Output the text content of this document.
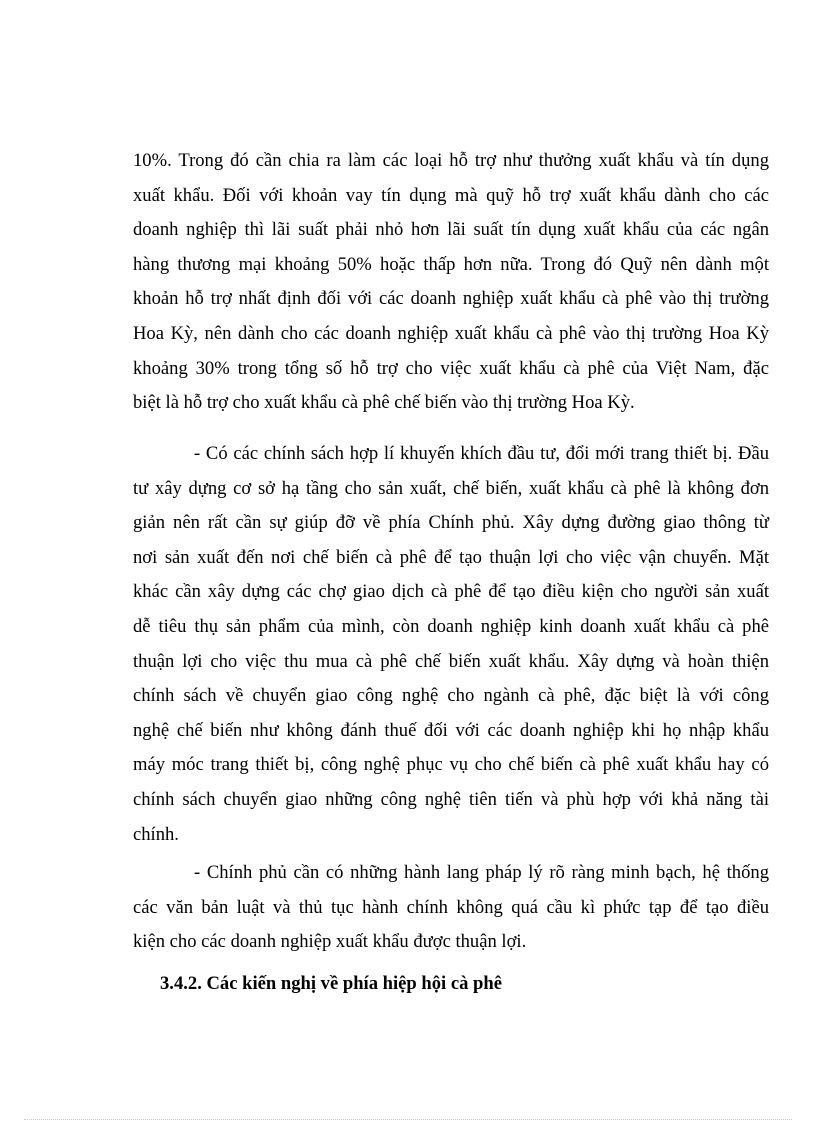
10%. Trong đó cần chia ra làm các loại hỗ trợ như thưởng xuất khẩu và tín dụng
xuất khẩu. Đối với khoản vay tín dụng mà quỹ hỗ trợ xuất khẩu dành cho các
doanh nghiệp thì lãi suất phải nhỏ hơn lãi suất tín dụng xuất khẩu của các ngân
hàng thương mại khoảng 50% hoặc thấp hơn nữa. Trong đó Quỹ nên dành một
khoản hỗ trợ nhất định đối với các doanh nghiệp xuất khẩu cà phê vào thị trường
Hoa Kỳ, nên dành cho các doanh nghiệp xuất khẩu cà phê vào thị trường Hoa Kỳ
khoảng 30% trong tổng số hỗ trợ cho việc xuất khẩu cà phê của Việt Nam, đặc
biệt là hỗ trợ cho xuất khẩu cà phê chế biến vào thị trường Hoa Kỳ.

- Có các chính sách hợp lí khuyến khích đầu tư, đổi mới trang thiết bị. Đầu
tư xây dựng cơ sở hạ tầng cho sản xuất, chế biến, xuất khẩu cà phê là không đơn
giản nên rất cần sự giúp đỡ về phía Chính phủ. Xây dựng đường giao thông từ
nơi sản xuất đến nơi chế biến cà phê để tạo thuận lợi cho việc vận chuyển. Mặt
khác cần xây dựng các chợ giao dịch cà phê để tạo điều kiện cho người sản xuất
dễ tiêu thụ sản phẩm của mình, còn doanh nghiệp kinh doanh xuất khẩu cà phê
thuận lợi cho việc thu mua cà phê chế biến xuất khẩu. Xây dựng và hoàn thiện
chính sách về chuyển giao công nghệ cho ngành cà phê, đặc biệt là với công
nghệ chế biến như không đánh thuế đối với các doanh nghiệp khi họ nhập khẩu
máy móc trang thiết bị, công nghệ phục vụ cho chế biến cà phê xuất khẩu hay có
chính sách chuyển giao những công nghệ tiên tiến và phù hợp với khả năng tài
chính.

- Chính phủ cần có những hành lang pháp lý rõ ràng minh bạch, hệ thống
các văn bản luật và thủ tục hành chính không quá cầu kì phức tạp để tạo điều
kiện cho các doanh nghiệp xuất khẩu được thuận lợi.

3.4.2. Các kiến nghị về phía hiệp hội cà phê
